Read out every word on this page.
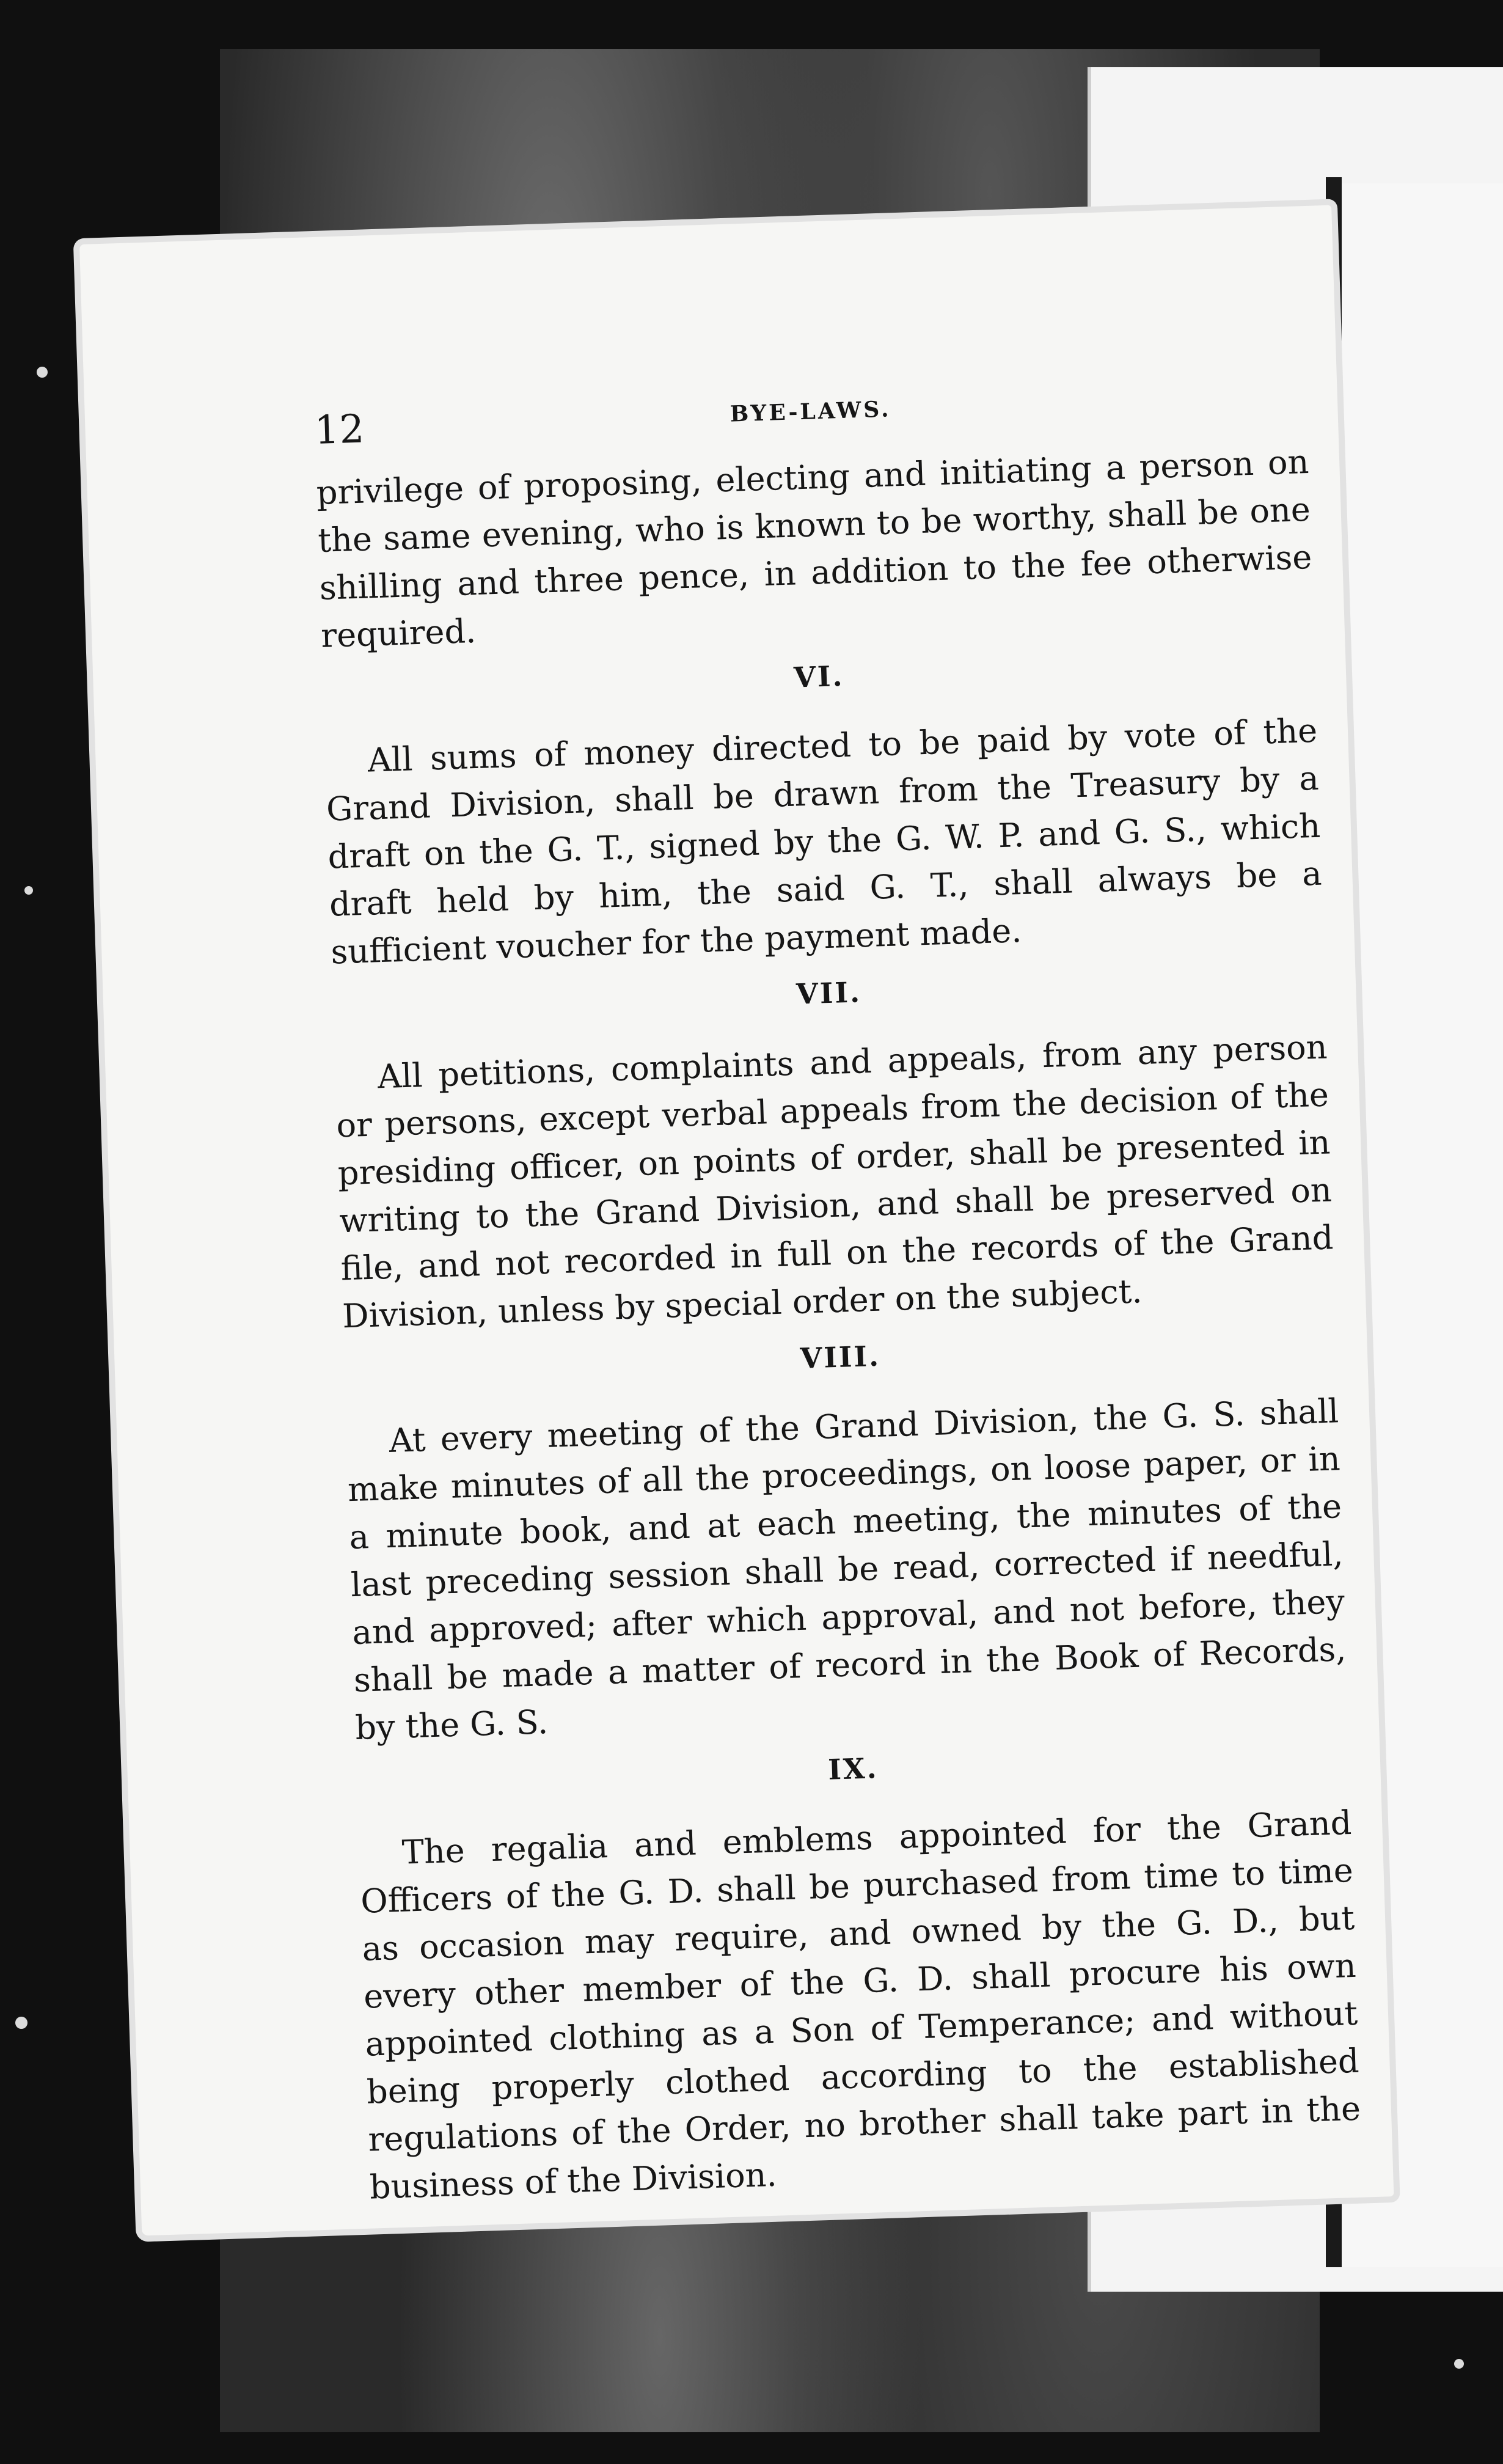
12	BYE-LAWS.

privilege of proposing, electing and initiating a person on the same evening, who is known to be worthy, shall be one shilling and three pence, in addition to the fee otherwise required.

VI.

All sums of money directed to be paid by vote of the Grand Division, shall be drawn from the Treasury by a draft on the G. T., signed by the G. W. P. and G. S., which draft held by him, the said G. T., shall always be a sufficient voucher for the payment made.

VII.

All petitions, complaints and appeals, from any person or persons, except verbal appeals from the decision of the presiding officer, on points of order, shall be presented in writing to the Grand Division, and shall be preserved on file, and not recorded in full on the records of the Grand Division, unless by special order on the subject.

VIII.

At every meeting of the Grand Division, the G. S. shall make minutes of all the proceedings, on loose paper, or in a minute book, and at each meeting, the minutes of the last preceding session shall be read, corrected if needful, and approved; after which approval, and not before, they shall be made a matter of record in the Book of Records, by the G. S.

IX.

The regalia and emblems appointed for the Grand Officers of the G. D. shall be purchased from time to time as occasion may require, and owned by the G. D., but every other member of the G. D. shall procure his own appointed clothing as a Son of Temperance; and without being properly clothed according to the established regulations of the Order, no brother shall take part in the business of the Division.
